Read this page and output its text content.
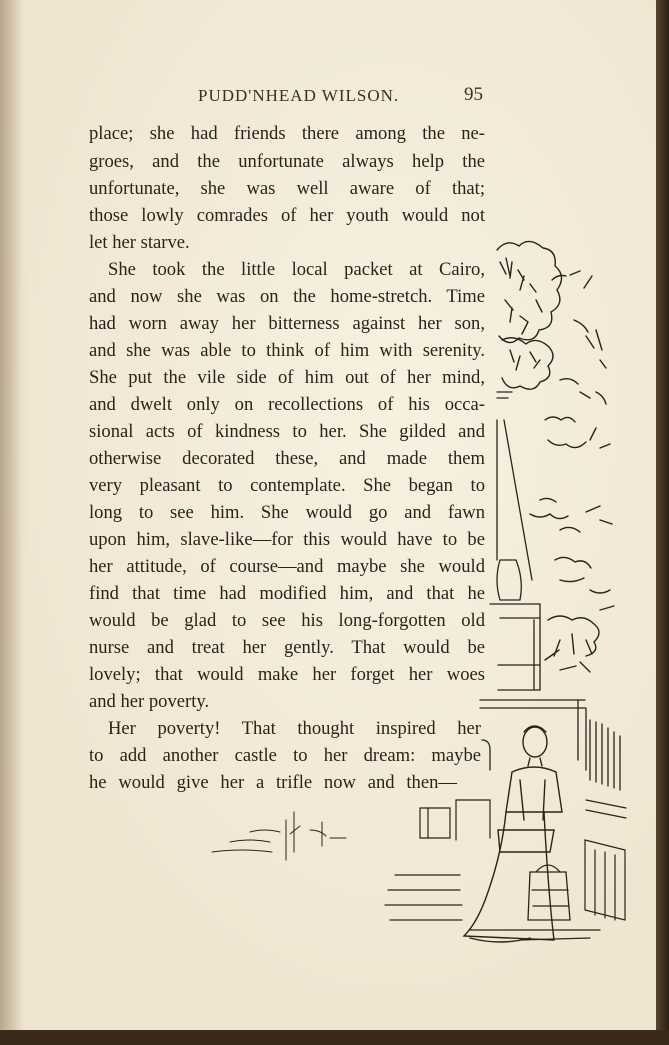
PUDD'NHEAD WILSON.	95
place; she had friends there among the ne-
groes, and the unfortunate always help the
unfortunate, she was well aware of that;
those lowly comrades of her youth would not
let her starve.
She took the little local packet at Cairo,
and now she was on the home-stretch. Time
had worn away her bitterness against her son,
and she was able to think of him with serenity.
She put the vile side of him out of her mind,
and dwelt only on recollections of his occa-
sional acts of kindness to her. She gilded and
otherwise decorated these, and made them
very pleasant to contemplate. She began to
long to see him. She would go and fawn
upon him, slave-like—for this would have to be
her attitude, of course—and maybe she would
find that time had modified him, and that he
would be glad to see his long-forgotten old
nurse and treat her gently. That would be
lovely; that would make her forget her woes
and her poverty.
Her poverty! That thought inspired her
to add another castle to her dream: maybe
he would give her a trifle now and then—
